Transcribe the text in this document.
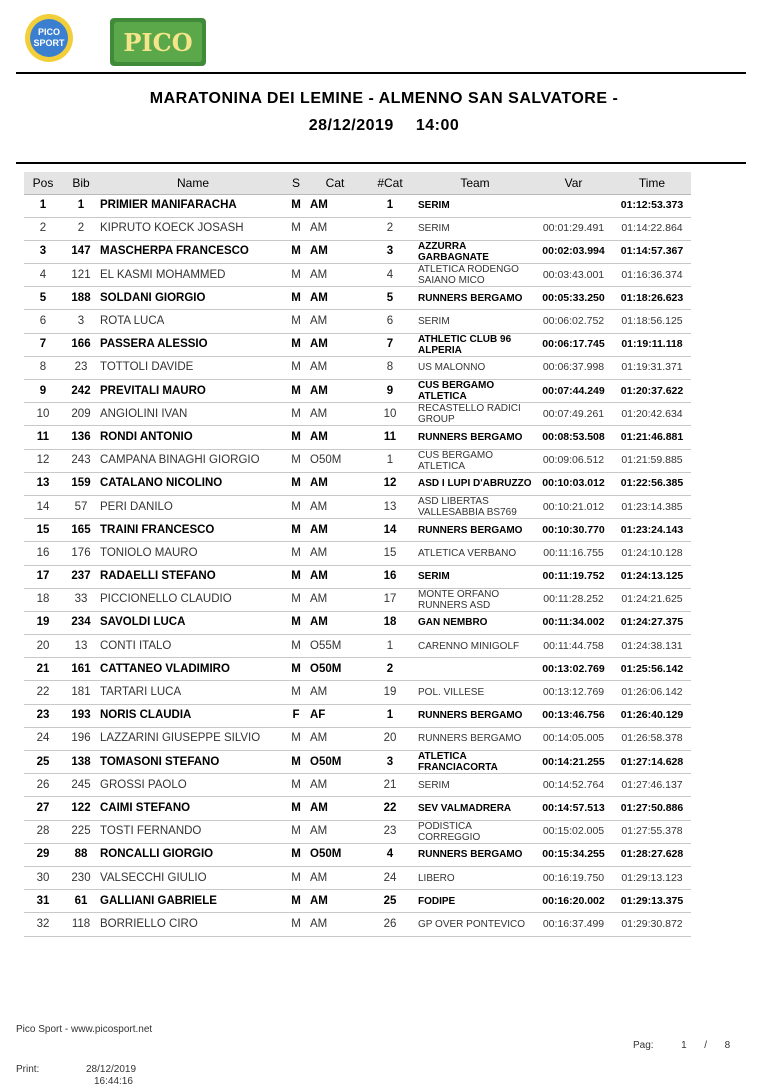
PICO
SPORT PICO
MARATONINA DEI LEMINE - ALMENNO SAN SALVATORE -
28/12/2019 14:00
Pos	Bib	Name	S	Cat	#Cat	Team	Var	Time
1	1	PRIMIER MANIFARACHA	M	AM	1	SERIM		01:12:53.373
2	2	KIPRUTO KOECK JOSASH	M	AM	2	SERIM	00:01:29.491	01:14:22.864
3	147	MASCHERPA FRANCESCO	M	AM	3	AZZURRA GARBAGNATE	00:02:03.994	01:14:57.367
4	121	EL KASMI MOHAMMED	M	AM	4	ATLETICA RODENGO SAIANO MICO	00:03:43.001	01:16:36.374
5	188	SOLDANI GIORGIO	M	AM	5	RUNNERS BERGAMO	00:05:33.250	01:18:26.623
6	3	ROTA LUCA	M	AM	6	SERIM	00:06:02.752	01:18:56.125
7	166	PASSERA ALESSIO	M	AM	7	ATHLETIC CLUB 96 ALPERIA	00:06:17.745	01:19:11.118
8	23	TOTTOLI DAVIDE	M	AM	8	US MALONNO	00:06:37.998	01:19:31.371
9	242	PREVITALI MAURO	M	AM	9	CUS BERGAMO ATLETICA	00:07:44.249	01:20:37.622
10	209	ANGIOLINI IVAN	M	AM	10	RECASTELLO RADICI GROUP	00:07:49.261	01:20:42.634
11	136	RONDI ANTONIO	M	AM	11	RUNNERS BERGAMO	00:08:53.508	01:21:46.881
12	243	CAMPANA BINAGHI GIORGIO	M	O50M	1	CUS BERGAMO ATLETICA	00:09:06.512	01:21:59.885
13	159	CATALANO NICOLINO	M	AM	12	ASD I LUPI D'ABRUZZO	00:10:03.012	01:22:56.385
14	57	PERI DANILO	M	AM	13	ASD LIBERTAS VALLESABBIA BS769	00:10:21.012	01:23:14.385
15	165	TRAINI FRANCESCO	M	AM	14	RUNNERS BERGAMO	00:10:30.770	01:23:24.143
16	176	TONIOLO MAURO	M	AM	15	ATLETICA VERBANO	00:11:16.755	01:24:10.128
17	237	RADAELLI STEFANO	M	AM	16	SERIM	00:11:19.752	01:24:13.125
18	33	PICCIONELLO CLAUDIO	M	AM	17	MONTE ORFANO RUNNERS ASD	00:11:28.252	01:24:21.625
19	234	SAVOLDI LUCA	M	AM	18	GAN NEMBRO	00:11:34.002	01:24:27.375
20	13	CONTI ITALO	M	O55M	1	CARENNO MINIGOLF	00:11:44.758	01:24:38.131
21	161	CATTANEO VLADIMIRO	M	O50M	2		00:13:02.769	01:25:56.142
22	181	TARTARI LUCA	M	AM	19	POL. VILLESE	00:13:12.769	01:26:06.142
23	193	NORIS CLAUDIA	F	AF	1	RUNNERS BERGAMO	00:13:46.756	01:26:40.129
24	196	LAZZARINI GIUSEPPE SILVIO	M	AM	20	RUNNERS BERGAMO	00:14:05.005	01:26:58.378
25	138	TOMASONI STEFANO	M	O50M	3	ATLETICA FRANCIACORTA	00:14:21.255	01:27:14.628
26	245	GROSSI PAOLO	M	AM	21	SERIM	00:14:52.764	01:27:46.137
27	122	CAIMI STEFANO	M	AM	22	SEV VALMADRERA	00:14:57.513	01:27:50.886
28	225	TOSTI FERNANDO	M	AM	23	PODISTICA CORREGGIO	00:15:02.005	01:27:55.378
29	88	RONCALLI GIORGIO	M	O50M	4	RUNNERS BERGAMO	00:15:34.255	01:28:27.628
30	230	VALSECCHI GIULIO	M	AM	24	LIBERO	00:16:19.750	01:29:13.123
31	61	GALLIANI GABRIELE	M	AM	25	FODIPE	00:16:20.002	01:29:13.375
32	118	BORRIELLO CIRO	M	AM	26	GP OVER PONTEVICO	00:16:37.499	01:29:30.872
Pico Sport - www.picosport.net
Pag:	1 / 8
Print:	28/12/2019
16:44:16
